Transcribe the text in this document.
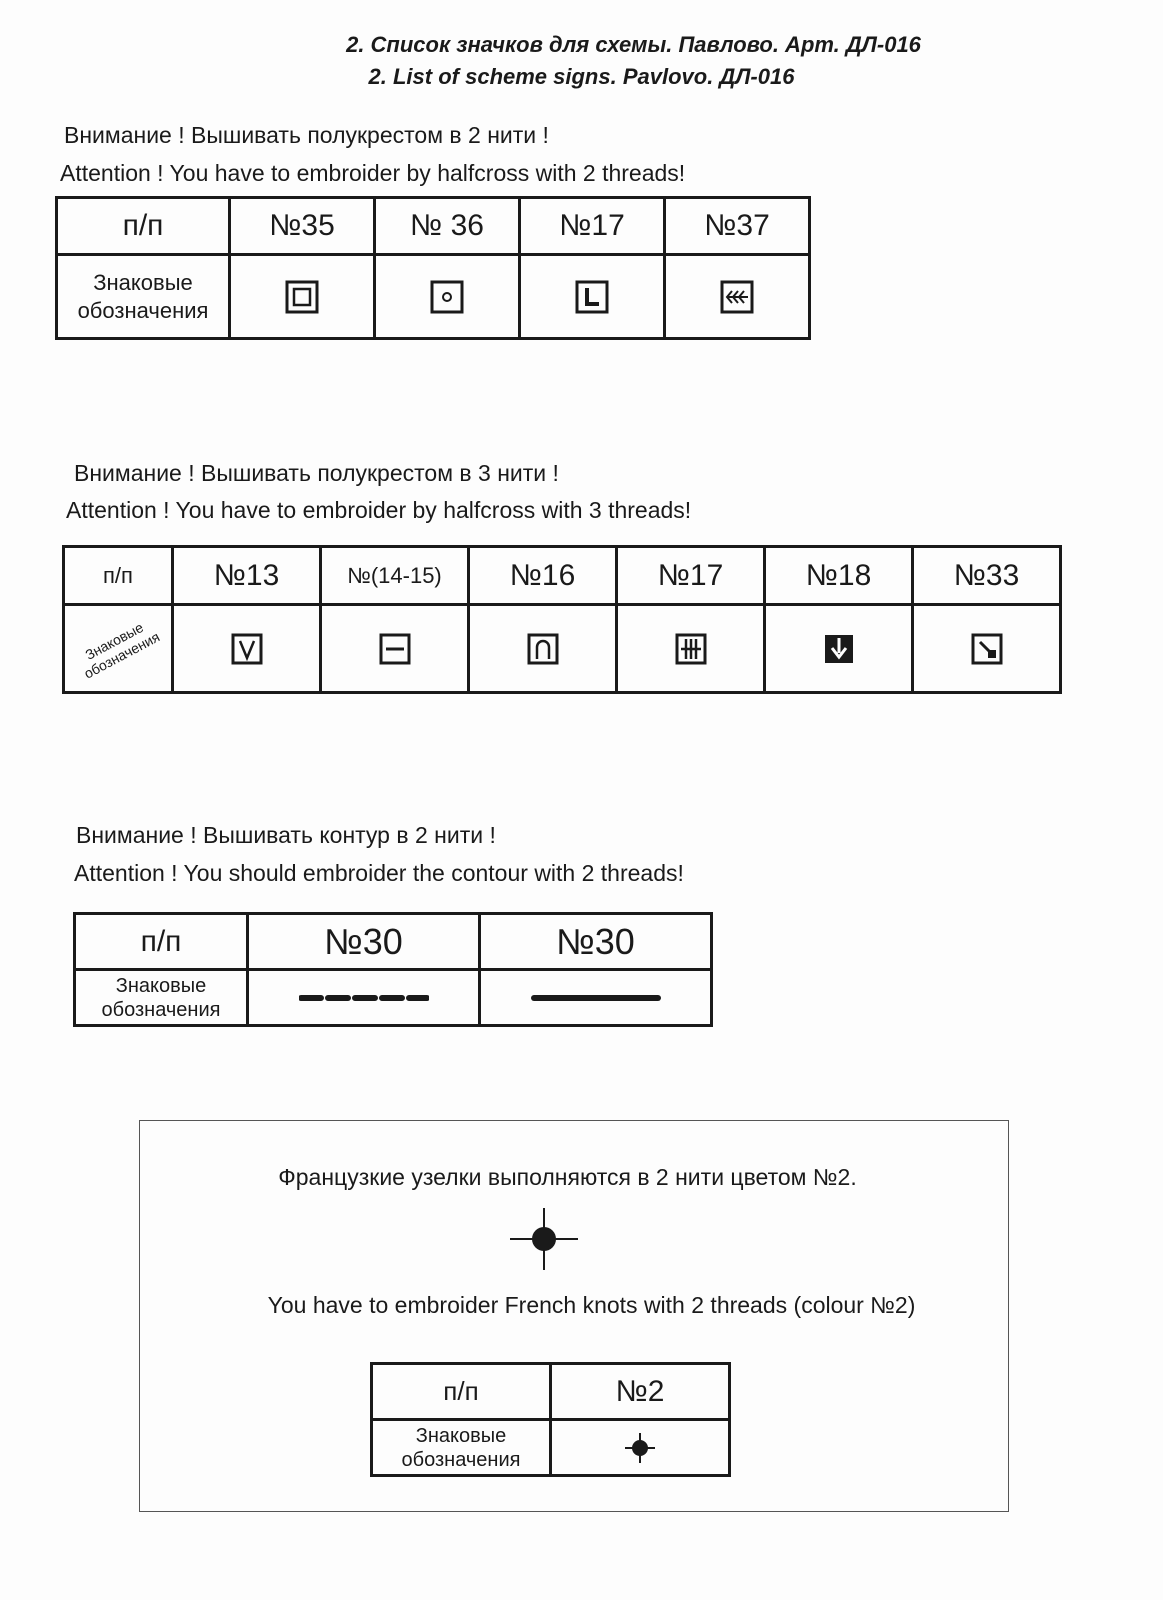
2. Список значков для схемы. Павлово. Арт. ДЛ-016
2. List of scheme signs. Pavlovo. ДЛ-016
Внимание ! Вышивать полукрестом в 2 нити !
Attention ! You have to embroider by halfcross with 2 threads!
п/п	№35	№ 36	№17	№37
Знаковые обозначения	

Внимание ! Вышивать полукрестом в 3 нити !
Attention ! You have to embroider by halfcross with 3 threads!
п/п	№13	№(14-15)	№16	№17	№18	№33
Знаковые обозначения	

Внимание ! Вышивать контур в 2 нити !
Attention ! You should embroider the contour with 2 threads!
п/п	№30	№30
Знаковые обозначения	

Французкие узелки выполняются в 2 нити цветом №2.
You have to embroider French knots with 2 threads (colour №2)
п/п	№2
Знаковые обозначения	
